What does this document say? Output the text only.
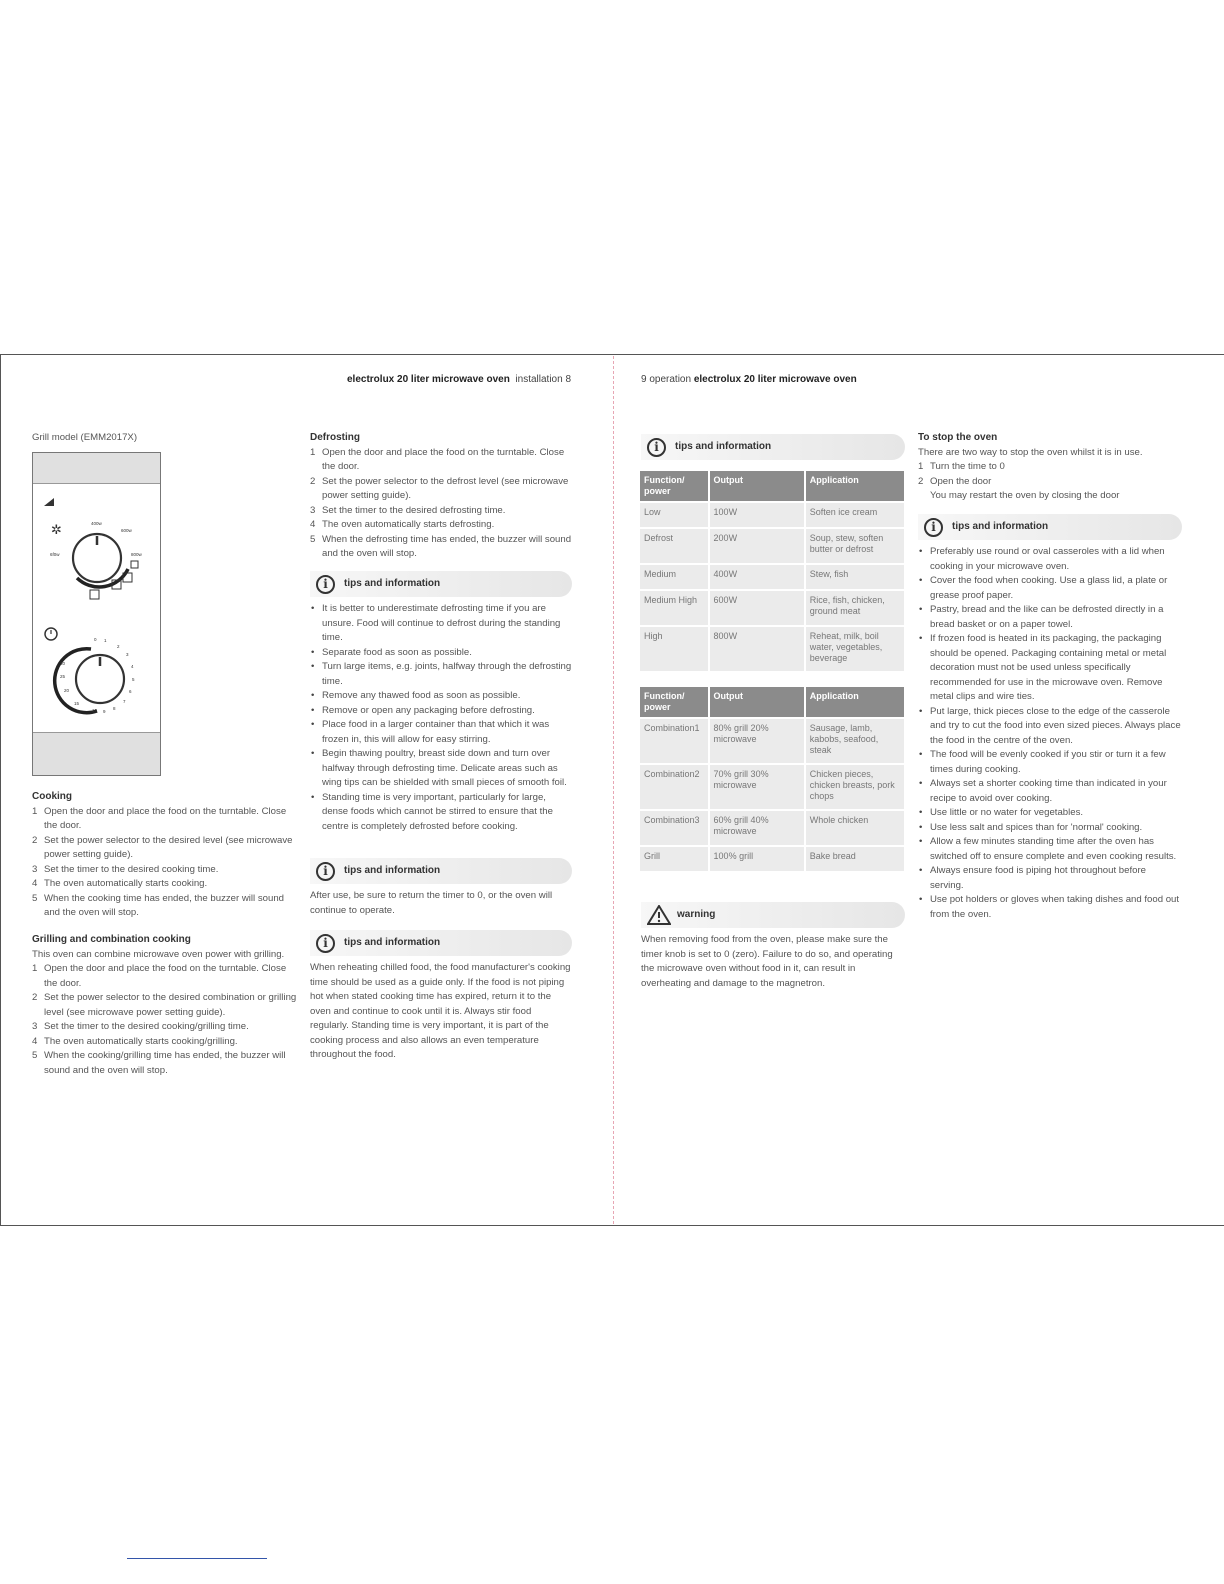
electrolux 20 liter microwave oven installation 8	9 operation electrolux 20 liter microwave oven
Grill model (EMM2017X)
✲	400w
600w
800w
6f0w
0 1
2
3
4
5
6
7
8
9
10
15
20
25
30

Cooking

1 Open the door and place the food on the turntable. Close the door.
2 Set the power selector to the desired level (see microwave power setting guide).
3 Set the timer to the desired cooking time.
4 The oven automatically starts cooking.
5 When the cooking time has ended, the buzzer will sound and the oven will stop.

Grilling and combination cooking

This oven can combine microwave oven power with grilling.

1 Open the door and place the food on the turntable. Close the door.
2 Set the power selector to the desired combination or grilling level (see microwave power setting guide).
3 Set the timer to the desired cooking/grilling time.
4 The oven automatically starts cooking/grilling.
5 When the cooking/grilling time has ended, the buzzer will sound and the oven will stop.

Defrosting

1 Open the door and place the food on the turntable. Close the door.
2 Set the power selector to the defrost level (see microwave power setting guide).
3 Set the timer to the desired defrosting time.
4 The oven automatically starts defrosting.
5 When the defrosting time has ended, the buzzer will sound and the oven will stop.
i	tips and information
• It is better to underestimate defrosting time if you are unsure. Food will continue to defrost during the standing time.
• Separate food as soon as possible.
• Turn large items, e.g. joints, halfway through the defrosting time.
• Remove any thawed food as soon as possible.
• Remove or open any packaging before defrosting.
• Place food in a larger container than that which it was frozen in, this will allow for easy stirring.
• Begin thawing poultry, breast side down and turn over halfway through defrosting time. Delicate areas such as wing tips can be shielded with small pieces of smooth foil.
• Standing time is very important, particularly for large, dense foods which cannot be stirred to ensure that the centre is completely defrosted before cooking.
i	tips and information

After use, be sure to return the timer to 0, or the oven will continue to operate.

i	tips and information

When reheating chilled food, the food manufacturer's cooking time should be used as a guide only. If the food is not piping hot when stated cooking time has expired, return it to the oven and continue to cook until it is. Always stir food regularly. Standing time is very important, it is part of the cooking process and also allows an even temperature throughout the food.

i	tips and information
Function/ power	Output	Application
Low	100W	Soften ice cream
Defrost	200W	Soup, stew, soften butter or defrost
Medium	400W	Stew, fish
Medium High	600W	Rice, fish, chicken, ground meat
High	800W	Reheat, milk, boil water, vegetables, beverage
Function/ power	Output	Application
Combination1	80% grill 20% microwave	Sausage, lamb, kabobs, seafood, steak
Combination2	70% grill 30% microwave	Chicken pieces, chicken breasts, pork chops
Combination3	60% grill 40% microwave	Whole chicken
Grill	100% grill	Bake bread
warning

When removing food from the oven, please make sure the timer knob is set to 0 (zero). Failure to do so, and operating the microwave oven without food in it, can result in overheating and damage to the magnetron.

To stop the oven

There are two way to stop the oven whilst it is in use.

1 Turn the time to 0
2 Open the door

You may restart the oven by closing the door

i	tips and information
• Preferably use round or oval casseroles with a lid when cooking in your microwave oven.
• Cover the food when cooking. Use a glass lid, a plate or grease proof paper.
• Pastry, bread and the like can be defrosted directly in a bread basket or on a paper towel.
• If frozen food is heated in its packaging, the packaging should be opened. Packaging containing metal or metal decoration must not be used unless specifically recommended for use in the microwave oven. Remove metal clips and wire ties.
• Put large, thick pieces close to the edge of the casserole and try to cut the food into even sized pieces. Always place the food in the centre of the oven.
• The food will be evenly cooked if you stir or turn it a few times during cooking.
• Always set a shorter cooking time than indicated in your recipe to avoid over cooking.
• Use little or no water for vegetables.
• Use less salt and spices than for 'normal' cooking.
• Allow a few minutes standing time after the oven has switched off to ensure complete and even cooking results.
• Always ensure food is piping hot throughout before serving.
• Use pot holders or gloves when taking dishes and food out from the oven.
